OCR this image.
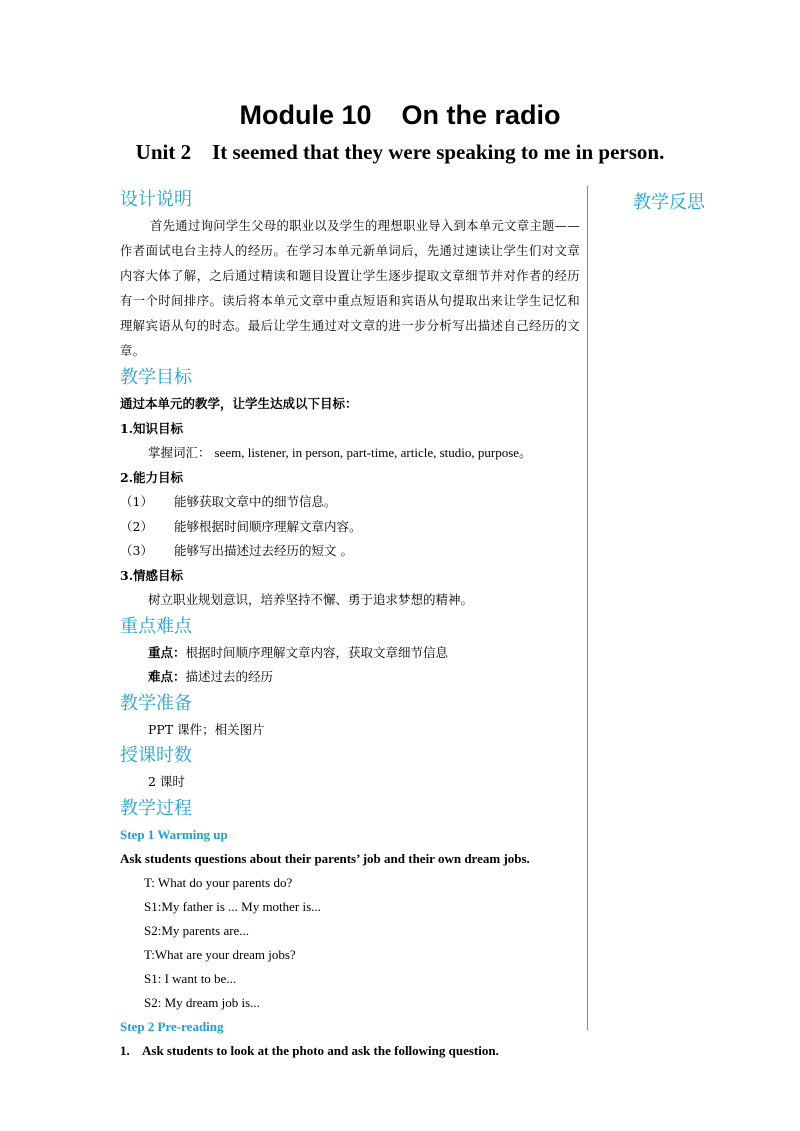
Module 10    On the radio
Unit 2    It seemed that they were speaking to me in person.
教学反思

设计说明

首先通过询问学生父母的职业以及学生的理想职业导入到本单元文章主题——作者面试电台主持人的经历。在学习本单元新单词后，先通过速读让学生们对文章内容大体了解，之后通过精读和题目设置让学生逐步提取文章细节并对作者的经历有一个时间排序。读后将本单元文章中重点短语和宾语从句提取出来让学生记忆和理解宾语从句的时态。最后让学生通过对文章的进一步分析写出描述自己经历的文章。

教学目标

通过本单元的教学，让学生达成以下目标：

1.知识目标

掌握词汇： seem, listener, in person, part-time, article, studio, purpose。

2.能力目标

（1） 能够获取文章中的细节信息。

（2） 能够根据时间顺序理解文章内容。

（3） 能够写出描述过去经历的短文 。

3.情感目标

树立职业规划意识，培养坚持不懈、勇于追求梦想的精神。

重点难点

重点：根据时间顺序理解文章内容，获取文章细节信息

难点：描述过去的经历

教学准备

PPT 课件；相关图片

授课时数

2 课时

教学过程

Step 1 Warming up

Ask students questions about their parents’ job and their own dream jobs.

T: What do your parents do?

S1:My father is ... My mother is...

S2:My parents are...

T:What are your dream jobs?

S1: I want to be...

S2: My dream job is...

Step 2 Pre-reading

1. Ask students to look at the photo and ask the following question.
